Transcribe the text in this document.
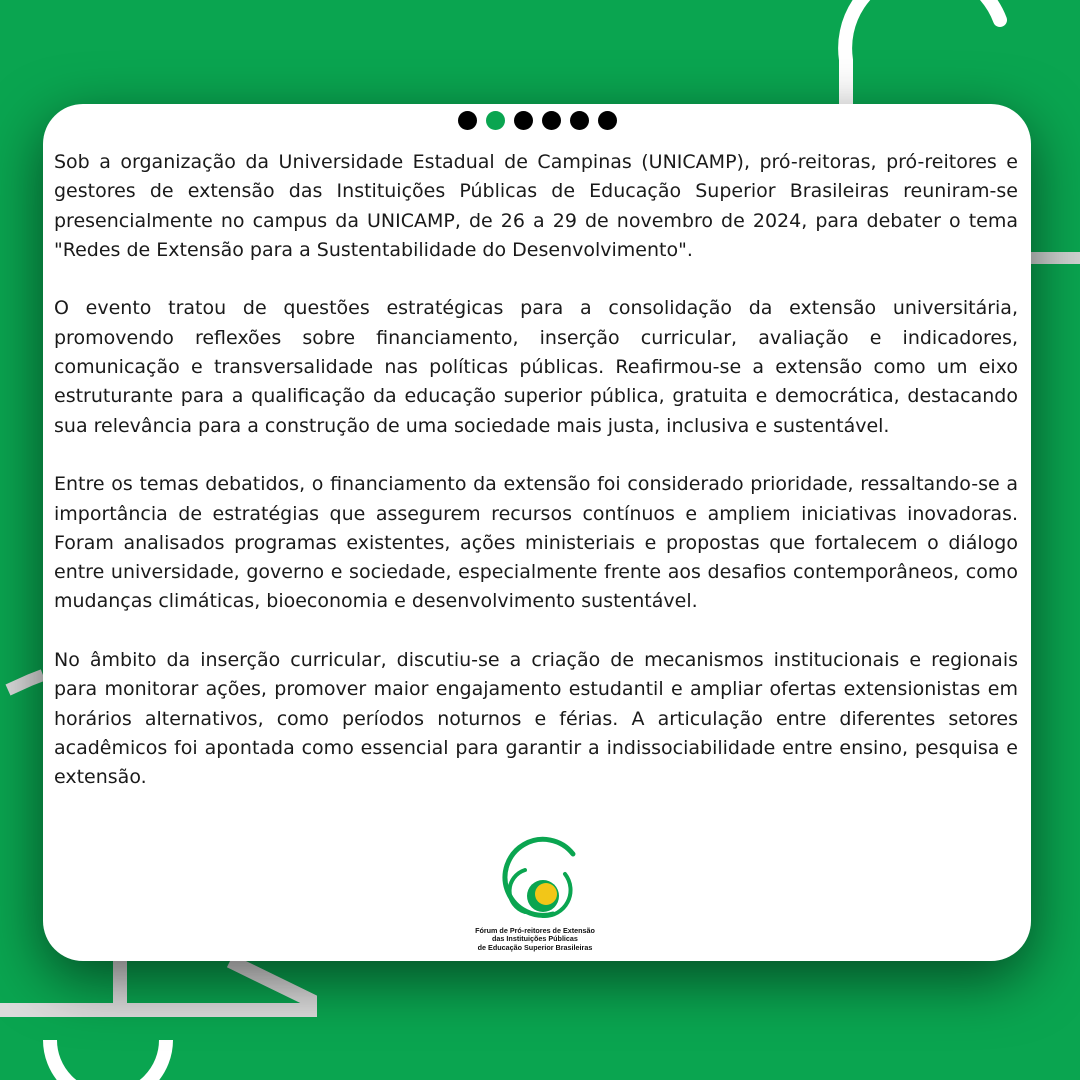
Sob a organização da Universidade Estadual de Campinas (UNICAMP), pró-reitoras, pró-reitores e gestores de extensão das Instituições Públicas de Educação Superior Brasileiras reuniram-se presencialmente no campus da UNICAMP, de 26 a 29 de novembro de 2024, para debater o tema "Redes de Extensão para a Sustentabilidade do Desenvolvimento".

O evento tratou de questões estratégicas para a consolidação da extensão universitária, promovendo reflexões sobre financiamento, inserção curricular, avaliação e indicadores, comunicação e transversalidade nas políticas públicas. Reafirmou-se a extensão como um eixo estruturante para a qualificação da educação superior pública, gratuita e democrática, destacando sua relevância para a construção de uma sociedade mais justa, inclusiva e sustentável.

Entre os temas debatidos, o financiamento da extensão foi considerado prioridade, ressaltando-se a importância de estratégias que assegurem recursos contínuos e ampliem iniciativas inovadoras. Foram analisados programas existentes, ações ministeriais e propostas que fortalecem o diálogo entre universidade, governo e sociedade, especialmente frente aos desafios contemporâneos, como mudanças climáticas, bioeconomia e desenvolvimento sustentável.

No âmbito da inserção curricular, discutiu-se a criação de mecanismos institucionais e regionais para monitorar ações, promover maior engajamento estudantil e ampliar ofertas extensionistas em horários alternativos, como períodos noturnos e férias. A articulação entre diferentes setores acadêmicos foi apontada como essencial para garantir a indissociabilidade entre ensino, pesquisa e extensão.

Fórum de Pró-reitores de Extensão
das Instituições Públicas
de Educação Superior Brasileiras
